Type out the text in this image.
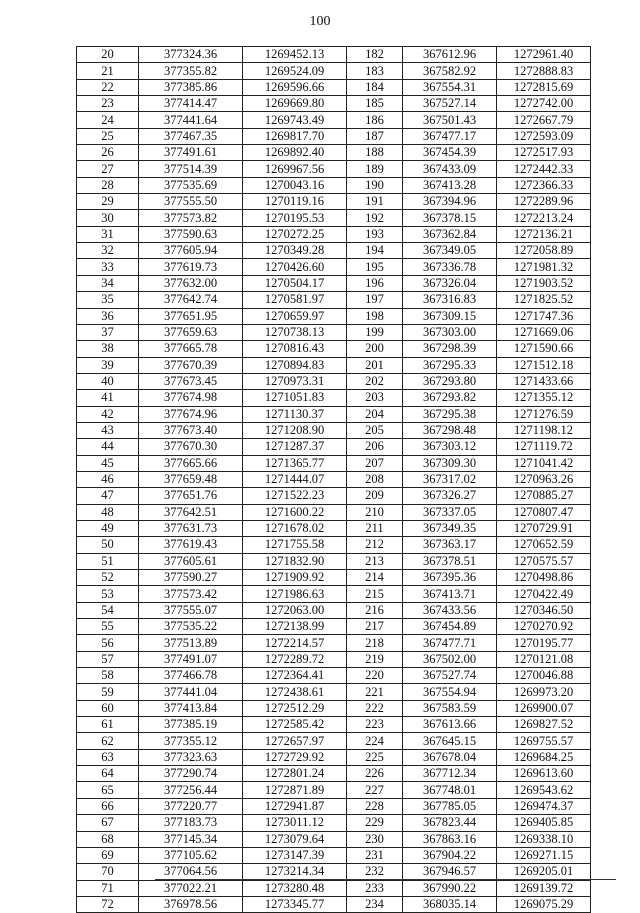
100
20	377324.36	1269452.13	182	367612.96	1272961.40
21	377355.82	1269524.09	183	367582.92	1272888.83
22	377385.86	1269596.66	184	367554.31	1272815.69
23	377414.47	1269669.80	185	367527.14	1272742.00
24	377441.64	1269743.49	186	367501.43	1272667.79
25	377467.35	1269817.70	187	367477.17	1272593.09
26	377491.61	1269892.40	188	367454.39	1272517.93
27	377514.39	1269967.56	189	367433.09	1272442.33
28	377535.69	1270043.16	190	367413.28	1272366.33
29	377555.50	1270119.16	191	367394.96	1272289.96
30	377573.82	1270195.53	192	367378.15	1272213.24
31	377590.63	1270272.25	193	367362.84	1272136.21
32	377605.94	1270349.28	194	367349.05	1272058.89
33	377619.73	1270426.60	195	367336.78	1271981.32
34	377632.00	1270504.17	196	367326.04	1271903.52
35	377642.74	1270581.97	197	367316.83	1271825.52
36	377651.95	1270659.97	198	367309.15	1271747.36
37	377659.63	1270738.13	199	367303.00	1271669.06
38	377665.78	1270816.43	200	367298.39	1271590.66
39	377670.39	1270894.83	201	367295.33	1271512.18
40	377673.45	1270973.31	202	367293.80	1271433.66
41	377674.98	1271051.83	203	367293.82	1271355.12
42	377674.96	1271130.37	204	367295.38	1271276.59
43	377673.40	1271208.90	205	367298.48	1271198.12
44	377670.30	1271287.37	206	367303.12	1271119.72
45	377665.66	1271365.77	207	367309.30	1271041.42
46	377659.48	1271444.07	208	367317.02	1270963.26
47	377651.76	1271522.23	209	367326.27	1270885.27
48	377642.51	1271600.22	210	367337.05	1270807.47
49	377631.73	1271678.02	211	367349.35	1270729.91
50	377619.43	1271755.58	212	367363.17	1270652.59
51	377605.61	1271832.90	213	367378.51	1270575.57
52	377590.27	1271909.92	214	367395.36	1270498.86
53	377573.42	1271986.63	215	367413.71	1270422.49
54	377555.07	1272063.00	216	367433.56	1270346.50
55	377535.22	1272138.99	217	367454.89	1270270.92
56	377513.89	1272214.57	218	367477.71	1270195.77
57	377491.07	1272289.72	219	367502.00	1270121.08
58	377466.78	1272364.41	220	367527.74	1270046.88
59	377441.04	1272438.61	221	367554.94	1269973.20
60	377413.84	1272512.29	222	367583.59	1269900.07
61	377385.19	1272585.42	223	367613.66	1269827.52
62	377355.12	1272657.97	224	367645.15	1269755.57
63	377323.63	1272729.92	225	367678.04	1269684.25
64	377290.74	1272801.24	226	367712.34	1269613.60
65	377256.44	1272871.89	227	367748.01	1269543.62
66	377220.77	1272941.87	228	367785.05	1269474.37
67	377183.73	1273011.12	229	367823.44	1269405.85
68	377145.34	1273079.64	230	367863.16	1269338.10
69	377105.62	1273147.39	231	367904.22	1269271.15
70	377064.56	1273214.34	232	367946.57	1269205.01
71	377022.21	1273280.48	233	367990.22	1269139.72
72	376978.56	1273345.77	234	368035.14	1269075.29
